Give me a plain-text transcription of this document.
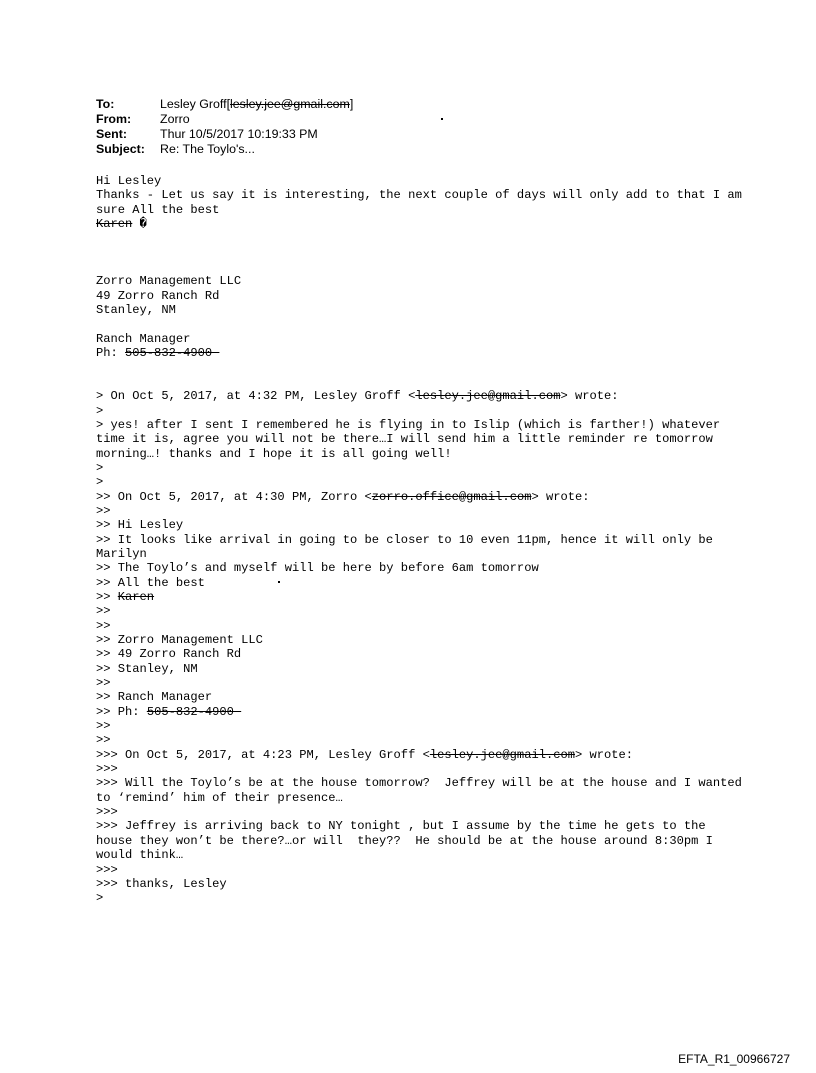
To:	Lesley Groff[lesley.jee@gmail.com]
From:	Zorro
Sent:	Thur 10/5/2017 10:19:33 PM
Subject:	Re: The Toylo's...
Hi Lesley
Thanks - Let us say it is interesting, the next couple of days will only add to that I am sure All the best
Karen �
Zorro Management LLC
49 Zorro Ranch Rd
Stanley, NM
Ranch Manager
Ph: 505-832-4900
> On Oct 5, 2017, at 4:32 PM, Lesley Groff <lesley.jee@gmail.com> wrote:
>
> yes! after I sent I remembered he is flying in to Islip (which is farther!) whatever time it is, agree you will not be there…I will send him a little reminder re tomorrow morning…! thanks and I hope it is all going well!
>
>
>> On Oct 5, 2017, at 4:30 PM, Zorro <zorro.office@gmail.com> wrote:
>>
>> Hi Lesley
>> It looks like arrival in going to be closer to 10 even 11pm, hence it will only be Marilyn
>> The Toylo’s and myself will be here by before 6am tomorrow
>> All the best
>> Karen
>>
>>
>> Zorro Management LLC
>> 49 Zorro Ranch Rd
>> Stanley, NM
>>
>> Ranch Manager
>> Ph: 505-832-4900
>>
>>
>>> On Oct 5, 2017, at 4:23 PM, Lesley Groff <lesley.jee@gmail.com> wrote:
>>>
>>> Will the Toylo’s be at the house tomorrow?  Jeffrey will be at the house and I wanted to ‘remind’ him of their presence…
>>>
>>> Jeffrey is arriving back to NY tonight , but I assume by the time he gets to the house they won’t be there?…or will  they??  He should be at the house around 8:30pm I would think…
>>>
>>> thanks, Lesley
>
EFTA_R1_00966727
